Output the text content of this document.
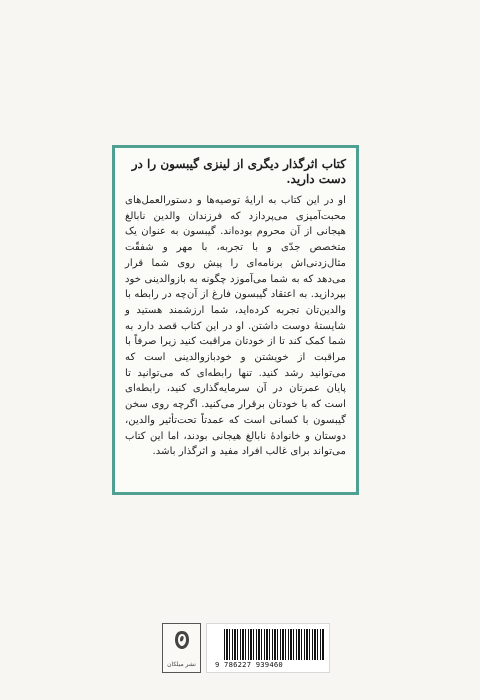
کتاب اثرگذار دیگری از لینزی گیبسون را در دست دارید.

او در این کتاب به ارایهٔ توصیه‌ها و دستورالعمل‌های محبت‌آمیزی می‌پردازد که فرزندان والدین نابالغ هیجانی از آن محروم بوده‌اند. گیبسون به عنوان یک متخصص جدّی و با تجربه، با مهر و شفقّت مثال‌زدنی‌اش برنامه‌ای را پیش روی شما قرار می‌دهد که به شما می‌آموزد چگونه به بازوالدینی خود بپردازید. به اعتقاد گیبسون فارغ از آن‌چه در رابطه با والدین‌تان تجربه کرده‌اید، شما ارزشمند هستید و شایستهٔ دوست داشتن. او در این کتاب قصد دارد به شما کمک کند تا از خودتان مراقبت کنید زیرا صرفاً با مراقبت از خویشتن و خودبازوالدینی است که می‌توانید رشد کنید. تنها رابطه‌ای که می‌توانید تا پایان عمرتان در آن سرمایه‌گذاری کنید، رابطه‌ای است که با خودتان برقرار می‌کنید. اگرچه روی سخن گیبسون با کسانی است که عمدتاً تحت‌تأثیر والدین، دوستان و خانوادهٔ نابالغ هیجانی بودند، اما این کتاب می‌تواند برای غالب افراد مفید و اثرگذار باشد.

نشر میلکان	9 786227 939460
